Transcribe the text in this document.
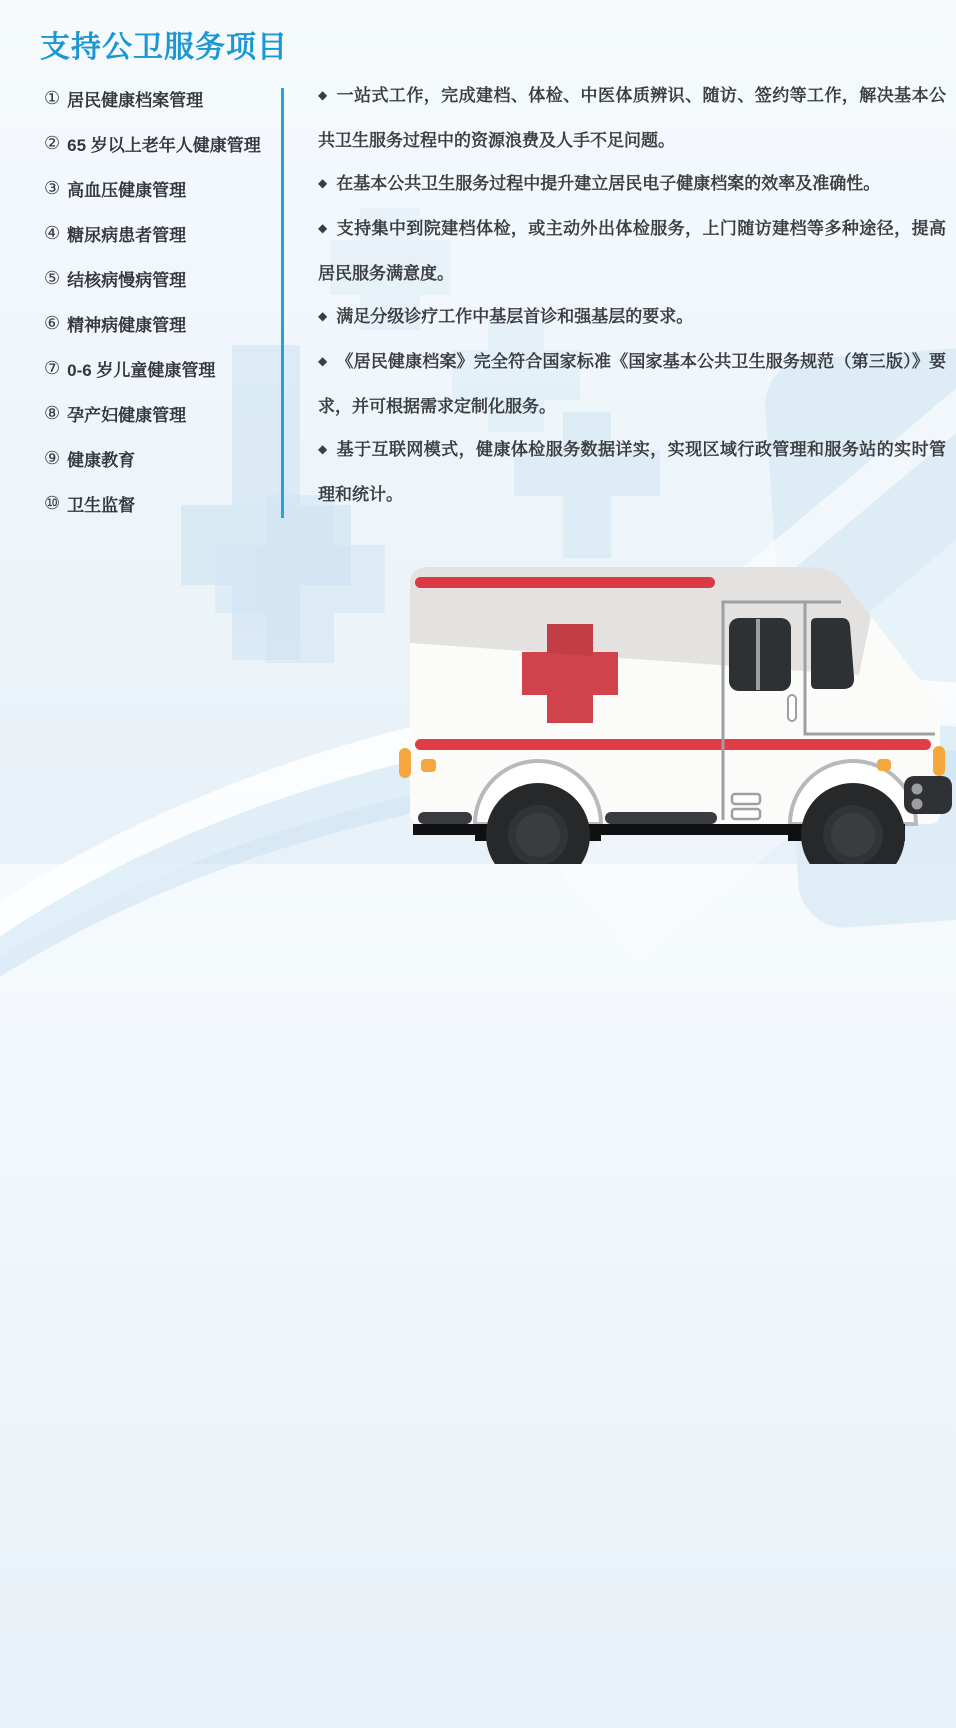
支持公卫服务项目
① 居民健康档案管理
② 65 岁以上老年人健康管理
③ 高血压健康管理
④ 糖尿病患者管理
⑤ 结核病慢病管理
⑥ 精神病健康管理
⑦ 0-6 岁儿童健康管理
⑧ 孕产妇健康管理
⑨ 健康教育
⑩ 卫生监督

◆ 一站式工作，完成建档、体检、中医体质辨识、随访、签约等工作，解决基本公共卫生服务过程中的资源浪费及人手不足问题。

◆ 在基本公共卫生服务过程中提升建立居民电子健康档案的效率及准确性。

◆ 支持集中到院建档体检，或主动外出体检服务，上门随访建档等多种途径，提高居民服务满意度。

◆ 满足分级诊疗工作中基层首诊和强基层的要求。

◆ 《居民健康档案》完全符合国家标准《国家基本公共卫生服务规范（第三版）》要求，并可根据需求定制化服务。

◆ 基于互联网模式，健康体检服务数据详实，实现区域行政管理和服务站的实时管理和统计。
